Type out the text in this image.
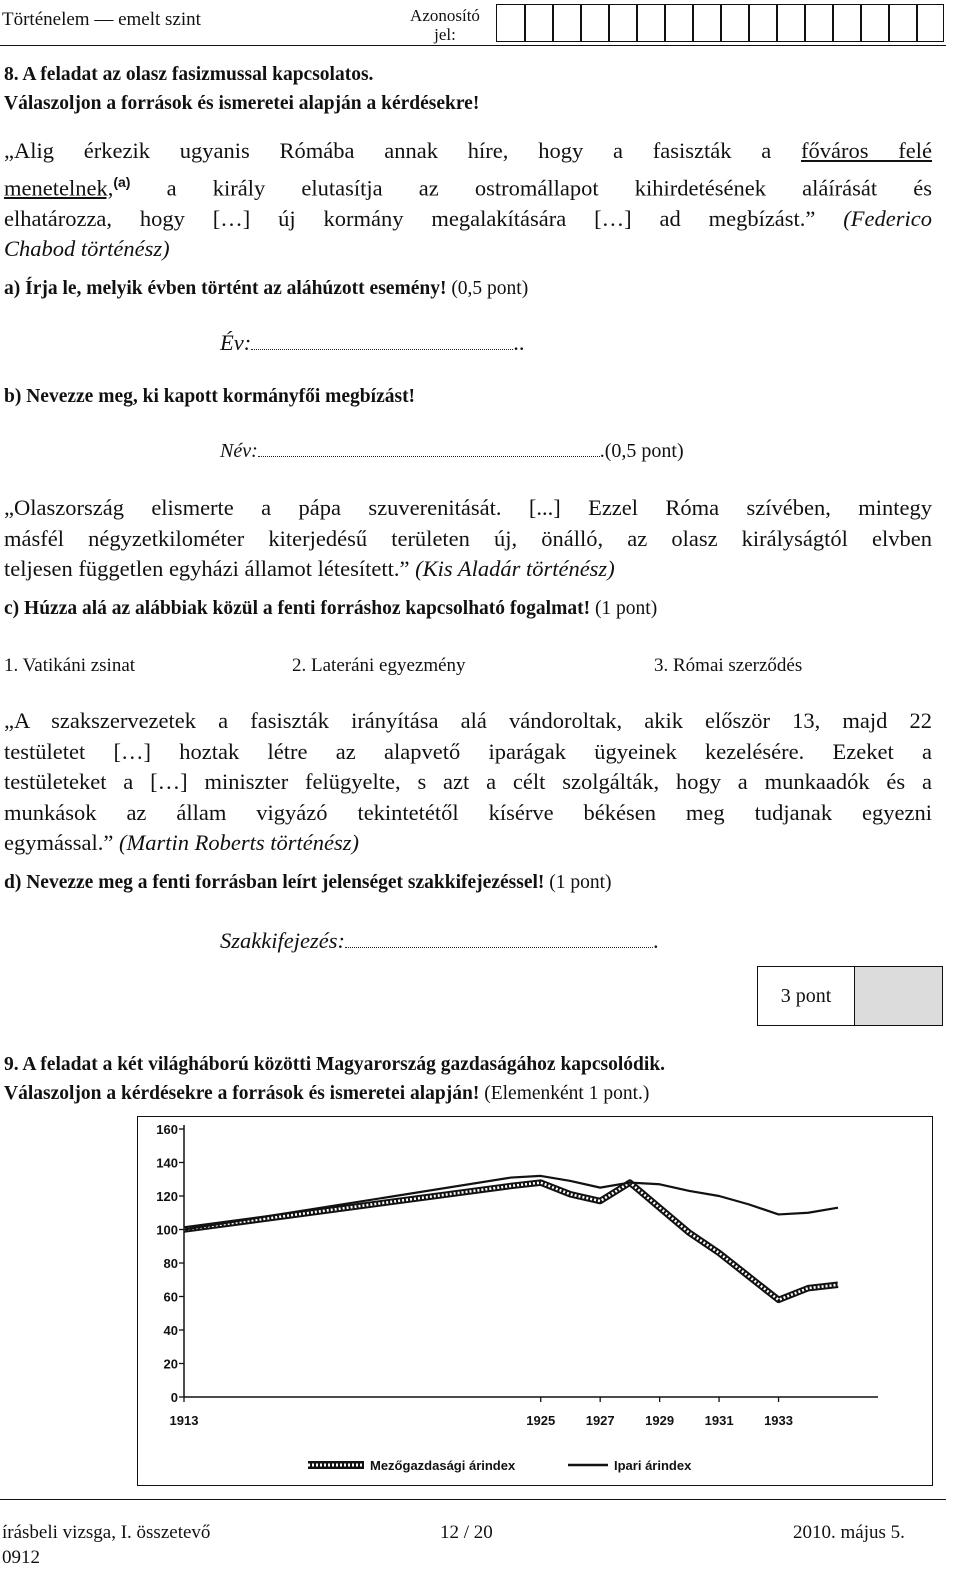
Történelem — emelt szint	Azonosító
jel:
8. A feladat az olasz fasizmussal kapcsolatos.
Válaszoljon a források és ismeretei alapján a kérdésekre!
„Alig érkezik ugyanis Rómába annak híre, hogy a fasiszták a főváros felé
menetelnek,$^{(a)}$ a király elutasítja az ostromállapot kihirdetésének aláírását és
elhatározza, hogy […] új kormány megalakítására […] ad megbízást.” (Federico
Chabod történész)
a) Írja le, melyik évben történt az aláhúzott esemény! (0,5 pont)
Év:	..
b) Nevezze meg, ki kapott kormányfői megbízást!
Név:	.(0,5 pont)
„Olaszország elismerte a pápa szuverenitását. [...] Ezzel Róma szívében, mintegy
másfél négyzetkilométer kiterjedésű területen új, önálló, az olasz királyságtól elvben
teljesen független egyházi államot létesített.” (Kis Aladár történész)
c) Húzza alá az alábbiak közül a fenti forráshoz kapcsolható fogalmat! (1 pont)
1. Vatikáni zsinat	2. Lateráni egyezmény	3. Római szerződés
„A szakszervezetek a fasiszták irányítása alá vándoroltak, akik először 13, majd 22
testületet […] hoztak létre az alapvető iparágak ügyeinek kezelésére. Ezeket a
testületeket a […] miniszter felügyelte, s azt a célt szolgálták, hogy a munkaadók és a
munkások az állam vigyázó tekintetétől kísérve békésen meg tudjanak egyezni
egymással.” (Martin Roberts történész)
d) Nevezze meg a fenti forrásban leírt jelenséget szakkifejezéssel! (1 pont)
Szakkifejezés:	.
3 pont
9. A feladat a két világháború közötti Magyarország gazdaságához kapcsolódik.
Válaszoljon a kérdésekre a források és ismeretei alapján! (Elemenként 1 pont.)
0
20
40
60
80
100
120
140
160
1913	1925 1927 1929 1931 1933
Mezőgazdasági árindex	Ipari árindex
írásbeli vizsga, I. összetevő	12 / 20	2010. május 5.
0912
